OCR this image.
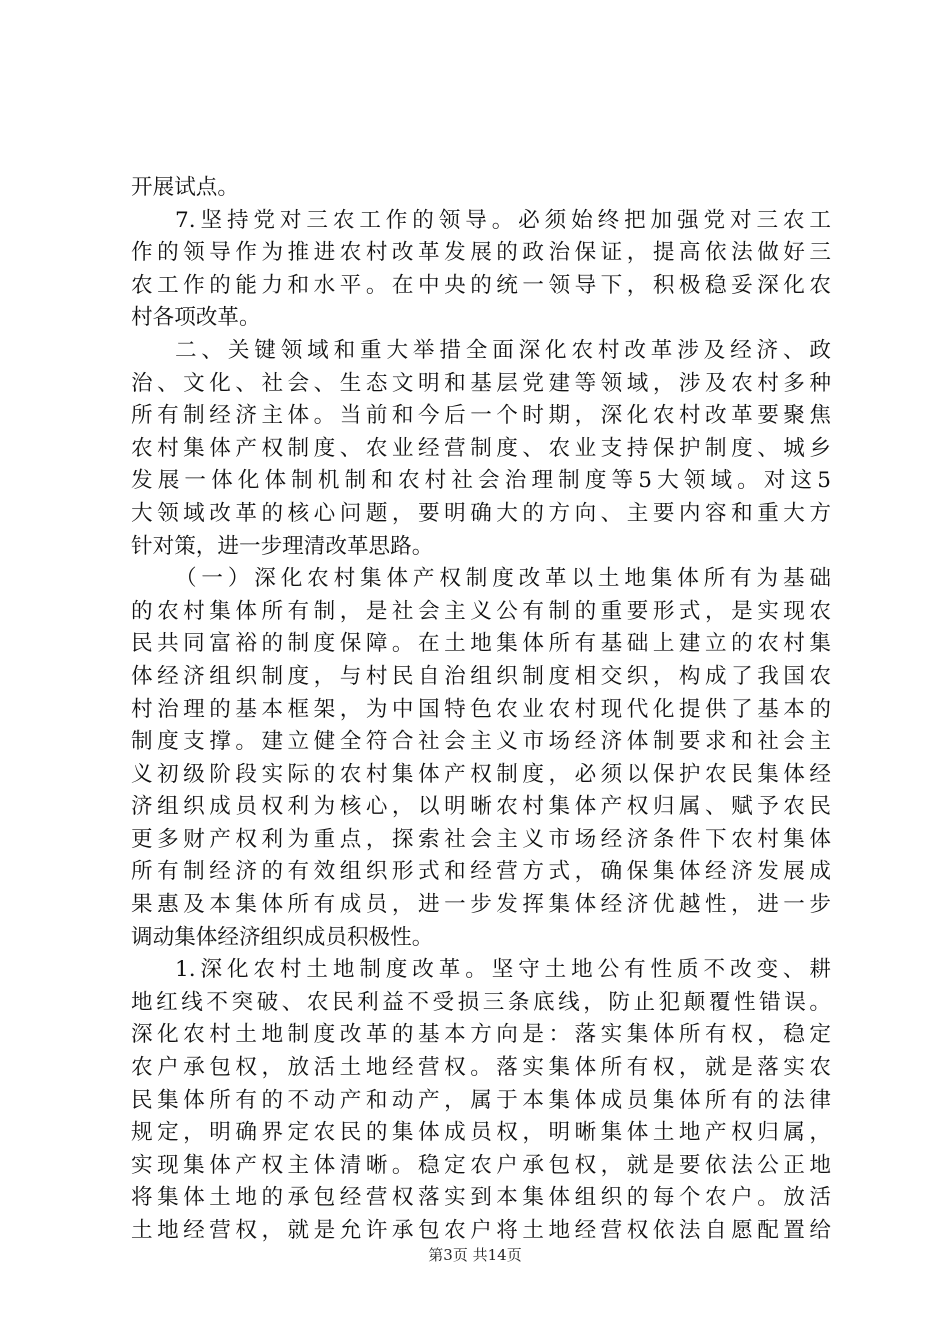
开展试点。
7.坚持党对三农工作的领导。必须始终把加强党对三农工
作的领导作为推进农村改革发展的政治保证，提高依法做好三
农工作的能力和水平。在中央的统一领导下，积极稳妥深化农
村各项改革。
二、关键领域和重大举措全面深化农村改革涉及经济、政
治、文化、社会、生态文明和基层党建等领域，涉及农村多种
所有制经济主体。当前和今后一个时期，深化农村改革要聚焦
农村集体产权制度、农业经营制度、农业支持保护制度、城乡
发展一体化体制机制和农村社会治理制度等5大领域。对这5
大领域改革的核心问题，要明确大的方向、主要内容和重大方
针对策，进一步理清改革思路。
（一）深化农村集体产权制度改革以土地集体所有为基础
的农村集体所有制，是社会主义公有制的重要形式，是实现农
民共同富裕的制度保障。在土地集体所有基础上建立的农村集
体经济组织制度，与村民自治组织制度相交织，构成了我国农
村治理的基本框架，为中国特色农业农村现代化提供了基本的
制度支撑。建立健全符合社会主义市场经济体制要求和社会主
义初级阶段实际的农村集体产权制度，必须以保护农民集体经
济组织成员权利为核心，以明晰农村集体产权归属、赋予农民
更多财产权利为重点，探索社会主义市场经济条件下农村集体
所有制经济的有效组织形式和经营方式，确保集体经济发展成
果惠及本集体所有成员，进一步发挥集体经济优越性，进一步
调动集体经济组织成员积极性。
1.深化农村土地制度改革。坚守土地公有性质不改变、耕
地红线不突破、农民利益不受损三条底线，防止犯颠覆性错误。
深化农村土地制度改革的基本方向是：落实集体所有权，稳定
农户承包权，放活土地经营权。落实集体所有权，就是落实农
民集体所有的不动产和动产，属于本集体成员集体所有的法律
规定，明确界定农民的集体成员权，明晰集体土地产权归属，
实现集体产权主体清晰。稳定农户承包权，就是要依法公正地
将集体土地的承包经营权落实到本集体组织的每个农户。放活
土地经营权，就是允许承包农户将土地经营权依法自愿配置给
第3页 共14页
